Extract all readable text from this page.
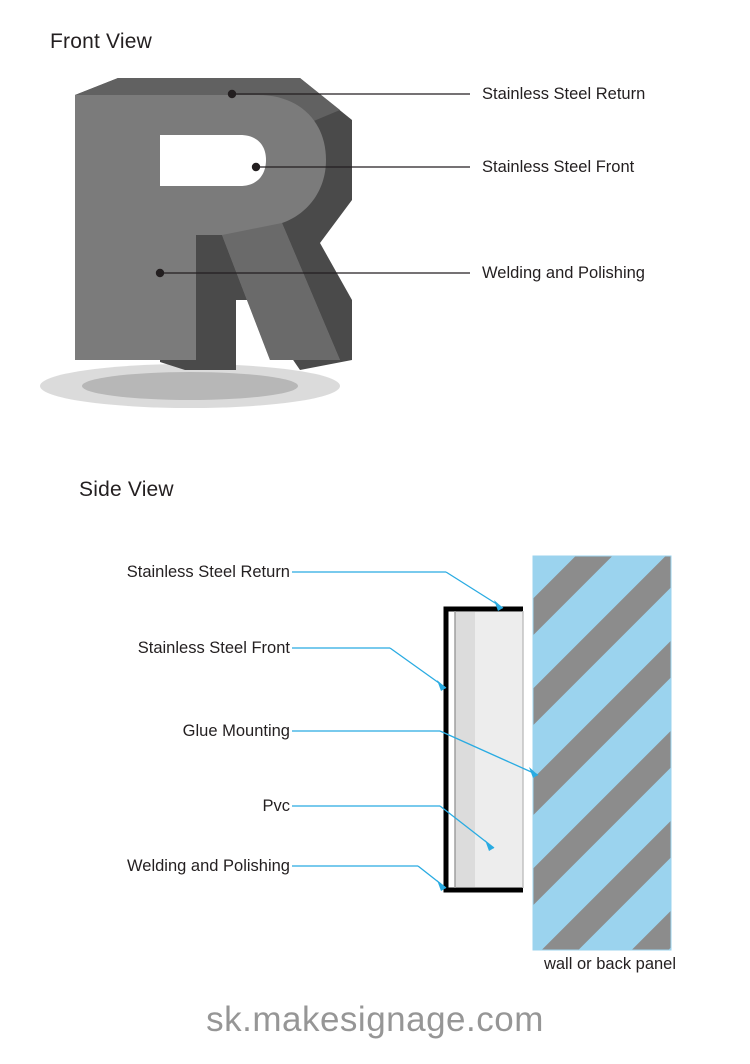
Front View
Stainless Steel Return
Stainless Steel Front
Welding and Polishing
Side View
Stainless Steel Return
Stainless Steel Front
Glue Mounting
Pvc
Welding and Polishing
wall or back panel
sk.makesignage.com
